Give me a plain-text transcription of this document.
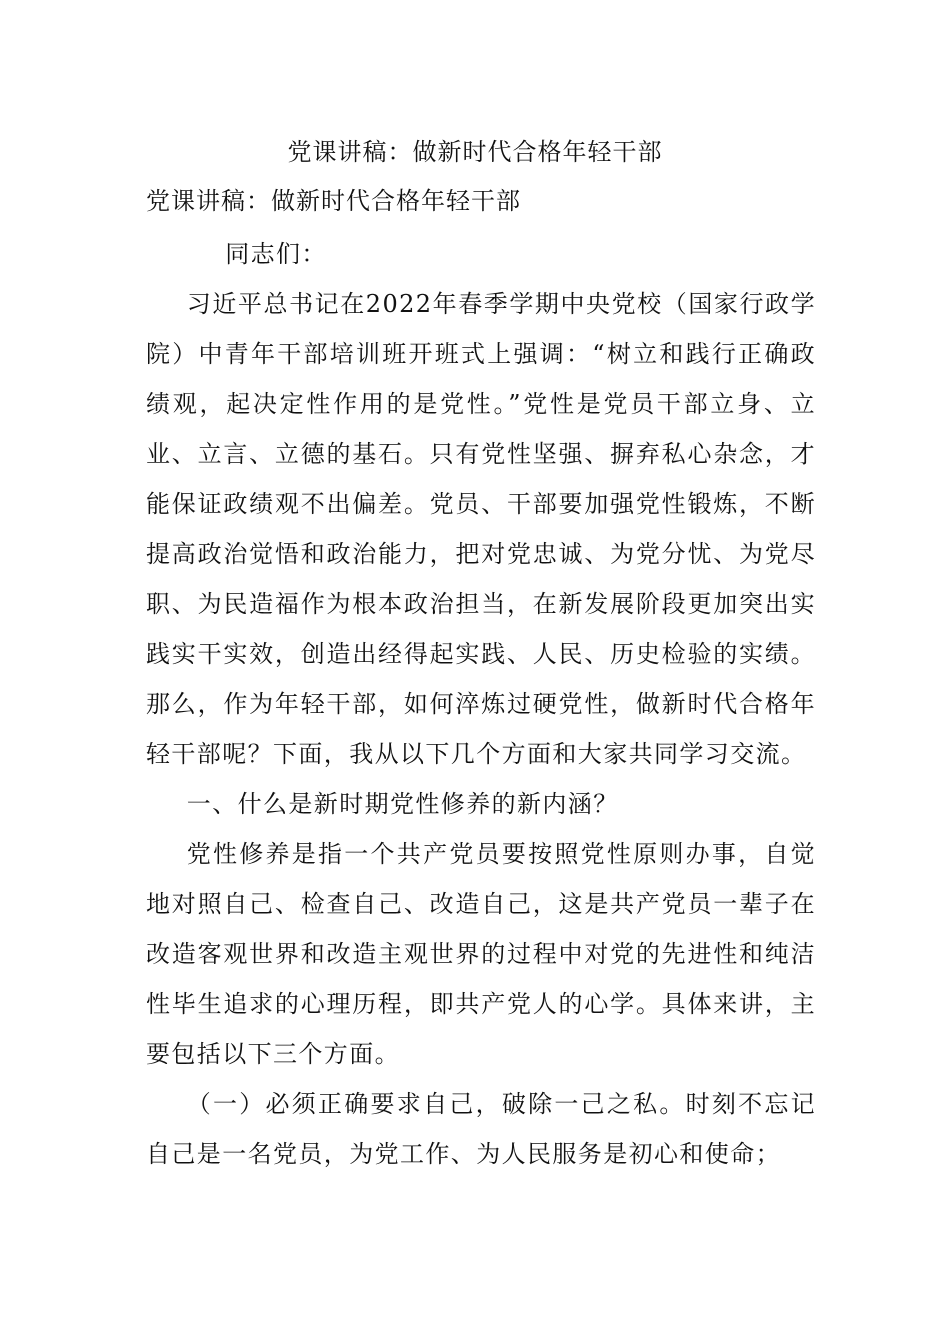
党课讲稿：做新时代合格年轻干部
党课讲稿：做新时代合格年轻干部

同志们：

习近平总书记在2022年春季学期中央党校（国家行政学院）中青年干部培训班开班式上强调：“树立和践行正确政绩观，起决定性作用的是党性。”党性是党员干部立身、立业、立言、立德的基石。只有党性坚强、摒弃私心杂念，才能保证政绩观不出偏差。党员、干部要加强党性锻炼，不断提高政治觉悟和政治能力，把对党忠诚、为党分忧、为党尽职、为民造福作为根本政治担当，在新发展阶段更加突出实践实干实效，创造出经得起实践、人民、历史检验的实绩。那么，作为年轻干部，如何淬炼过硬党性，做新时代合格年轻干部呢？下面，我从以下几个方面和大家共同学习交流。

一、什么是新时期党性修养的新内涵？

党性修养是指一个共产党员要按照党性原则办事，自觉地对照自己、检查自己、改造自己，这是共产党员一辈子在改造客观世界和改造主观世界的过程中对党的先进性和纯洁性毕生追求的心理历程，即共产党人的心学。具体来讲，主要包括以下三个方面。

（一）必须正确要求自己，破除一己之私。时刻不忘记自己是一名党员，为党工作、为人民服务是初心和使命；
